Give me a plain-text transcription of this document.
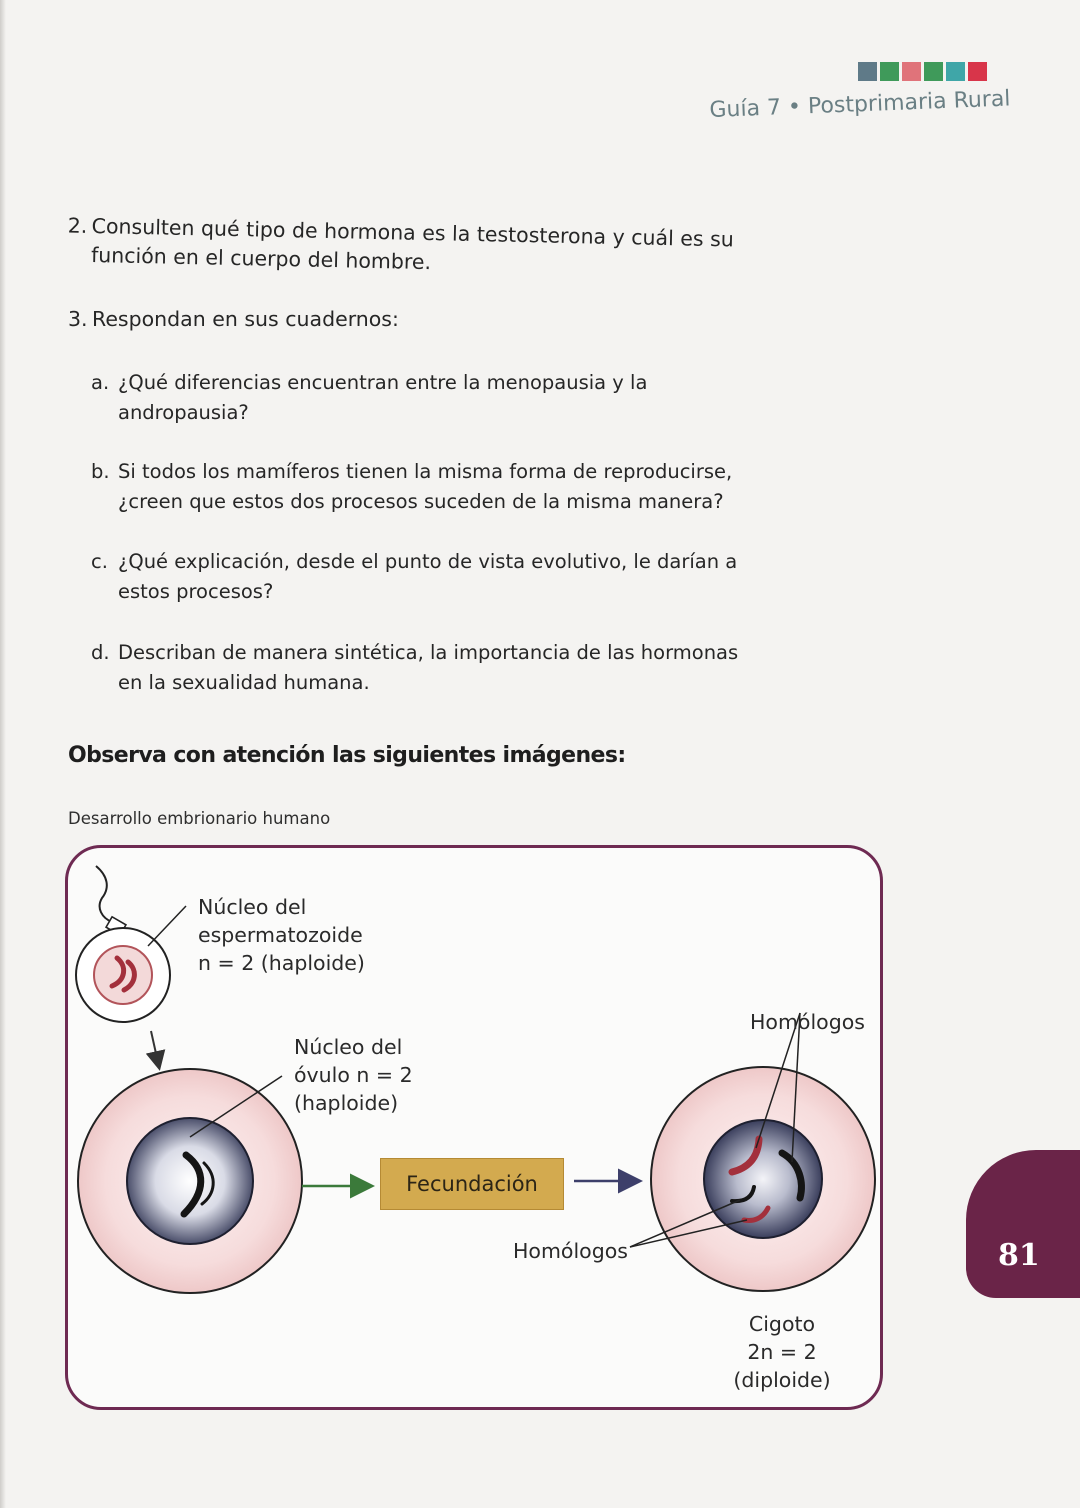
Guía 7 • Postprimaria Rural
2. Consulten qué tipo de hormona es la testosterona y cuál es su función en el cuerpo del hombre.
3. Respondan en sus cuadernos:
a. ¿Qué diferencias encuentran entre la menopausia y la andropausia?
b. Si todos los mamíferos tienen la misma forma de reproducirse, ¿creen que estos dos procesos suceden de la misma manera?
c. ¿Qué explicación, desde el punto de vista evolutivo, le darían a estos procesos?
d. Describan de manera sintética, la importancia de las hormonas en la sexualidad humana.
Observa con atención las siguientes imágenes:
Desarrollo embrionario humano
Núcleo del
espermatozoide
n = 2 (haploide)
Núcleo del
óvulo n = 2
(haploide)
Fecundación
Homólogos
Homólogos
Cigoto
2n = 2
(diploide)
81
